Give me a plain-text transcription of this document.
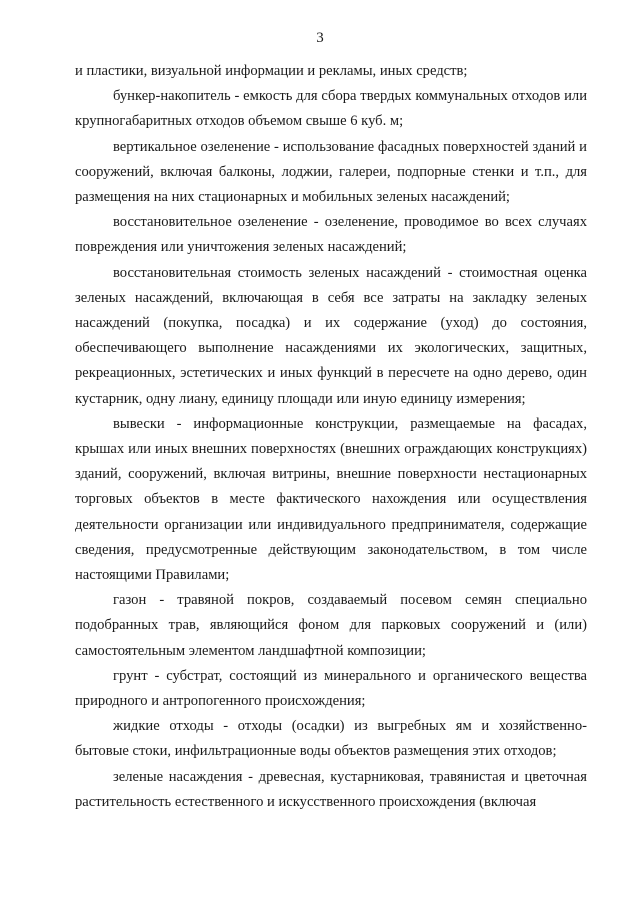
3

и пластики, визуальной информации и рекламы, иных средств;

бункер-накопитель - емкость для сбора твердых коммунальных отходов или крупногабаритных отходов объемом свыше 6 куб. м;

вертикальное озеленение - использование фасадных поверхностей зданий и сооружений, включая балконы, лоджии, галереи, подпорные стенки и т.п., для размещения на них стационарных и мобильных зеленых насаждений;

восстановительное озеленение - озеленение, проводимое во всех случаях повреждения или уничтожения зеленых насаждений;

восстановительная стоимость зеленых насаждений - стоимостная оценка зеленых насаждений, включающая в себя все затраты на закладку зеленых насаждений (покупка, посадка) и их содержание (уход) до состояния, обеспечивающего выполнение насаждениями их экологических, защитных, рекреационных, эстетических и иных функций в пересчете на одно дерево, один кустарник, одну лиану, единицу площади или иную единицу измерения;

вывески - информационные конструкции, размещаемые на фасадах, крышах или иных внешних поверхностях (внешних ограждающих конструкциях) зданий, сооружений, включая витрины, внешние поверхности нестационарных торговых объектов в месте фактического нахождения или осуществления деятельности организации или индивидуального предпринимателя, содержащие сведения, предусмотренные действующим законодательством, в том числе настоящими Правилами;

газон - травяной покров, создаваемый посевом семян специально подобранных трав, являющийся фоном для парковых сооружений и (или) самостоятельным элементом ландшафтной композиции;

грунт - субстрат, состоящий из минерального и органического вещества природного и антропогенного происхождения;

жидкие отходы - отходы (осадки) из выгребных ям и хозяйственно-бытовые стоки, инфильтрационные воды объектов размещения этих отходов;

зеленые насаждения - древесная, кустарниковая, травянистая и цветочная растительность естественного и искусственного происхождения (включая
